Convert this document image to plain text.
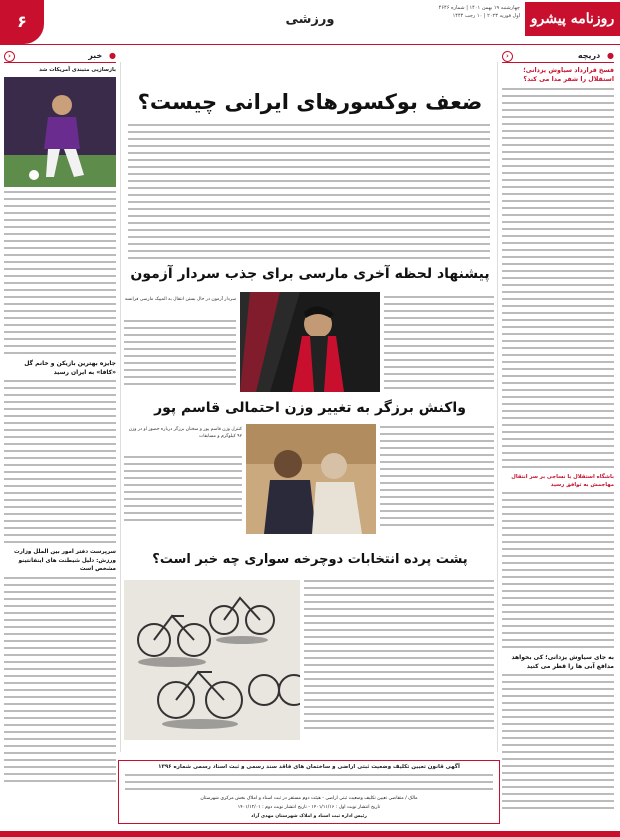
روزنامه پیشرو
چهارشنبه ۱۹ بهمن ۱۴۰۱ | شماره ۴۶۴۶
اول فوریه ۲۰۲۳ | ۱۰ رجب ۱۴۴۴
ورزشی
۶
● دریچه
‹
● خبر
‹
فسخ قرارداد سیاوش یزدانی؛ استقلال را شفر مدا می کند؟
باشگاه استقلال با نساجی بر سر انتقال مهاجمش به توافق رسید
به جای سیاوش یزدانی؛ کی بخواهد مدافع آبی ها را قطر می کنید
بازسازیی متبندی آمریکات شد
جایزه بهترین بازیکن و خانم گل «کافا» به ایران رسید
سرپرست دفتر امور بین الملل وزارت ورزش: دلیل شیطنت های اینفانتینو مشخص است
ضعف بوکسورهای ایرانی چیست؟
پیشنهاد لحظه آخری مارسی برای جذب سردار آزمون
سردار آزمون در حال بستن انتقال به المپیک مارسی فرانسه
واکنش برزگر به تغییر وزن احتمالی قاسم پور
کنترل وزن قاسم پور و سخنان برزگر درباره حضور او در وزن ۹۲ کیلوگرم و مسابقات
پشت پرده انتخابات دوچرخه سواری چه خبر است؟
آگهی قانون تعیین تکلیف وضعیت ثبتی اراضی و ساختمان های فاقد سند رسمی و ثبت اسناد رسمی شماره ۱۳۹۶
مالک / متقاضی تعیین تکلیف وضعیت ثبتی اراضی - هیئت دوم مستقر در ثبت اسناد و املاک بخش مرکزی شهرستان
تاریخ انتشار نوبت اول : ۱۴۰۱/۱۱/۱۶ - تاریخ انتشار نوبت دوم : ۱۴۰۱/۱۲/۰۱
رئیس اداره ثبت اسناد و املاک شهرستان مهدی آزاد
